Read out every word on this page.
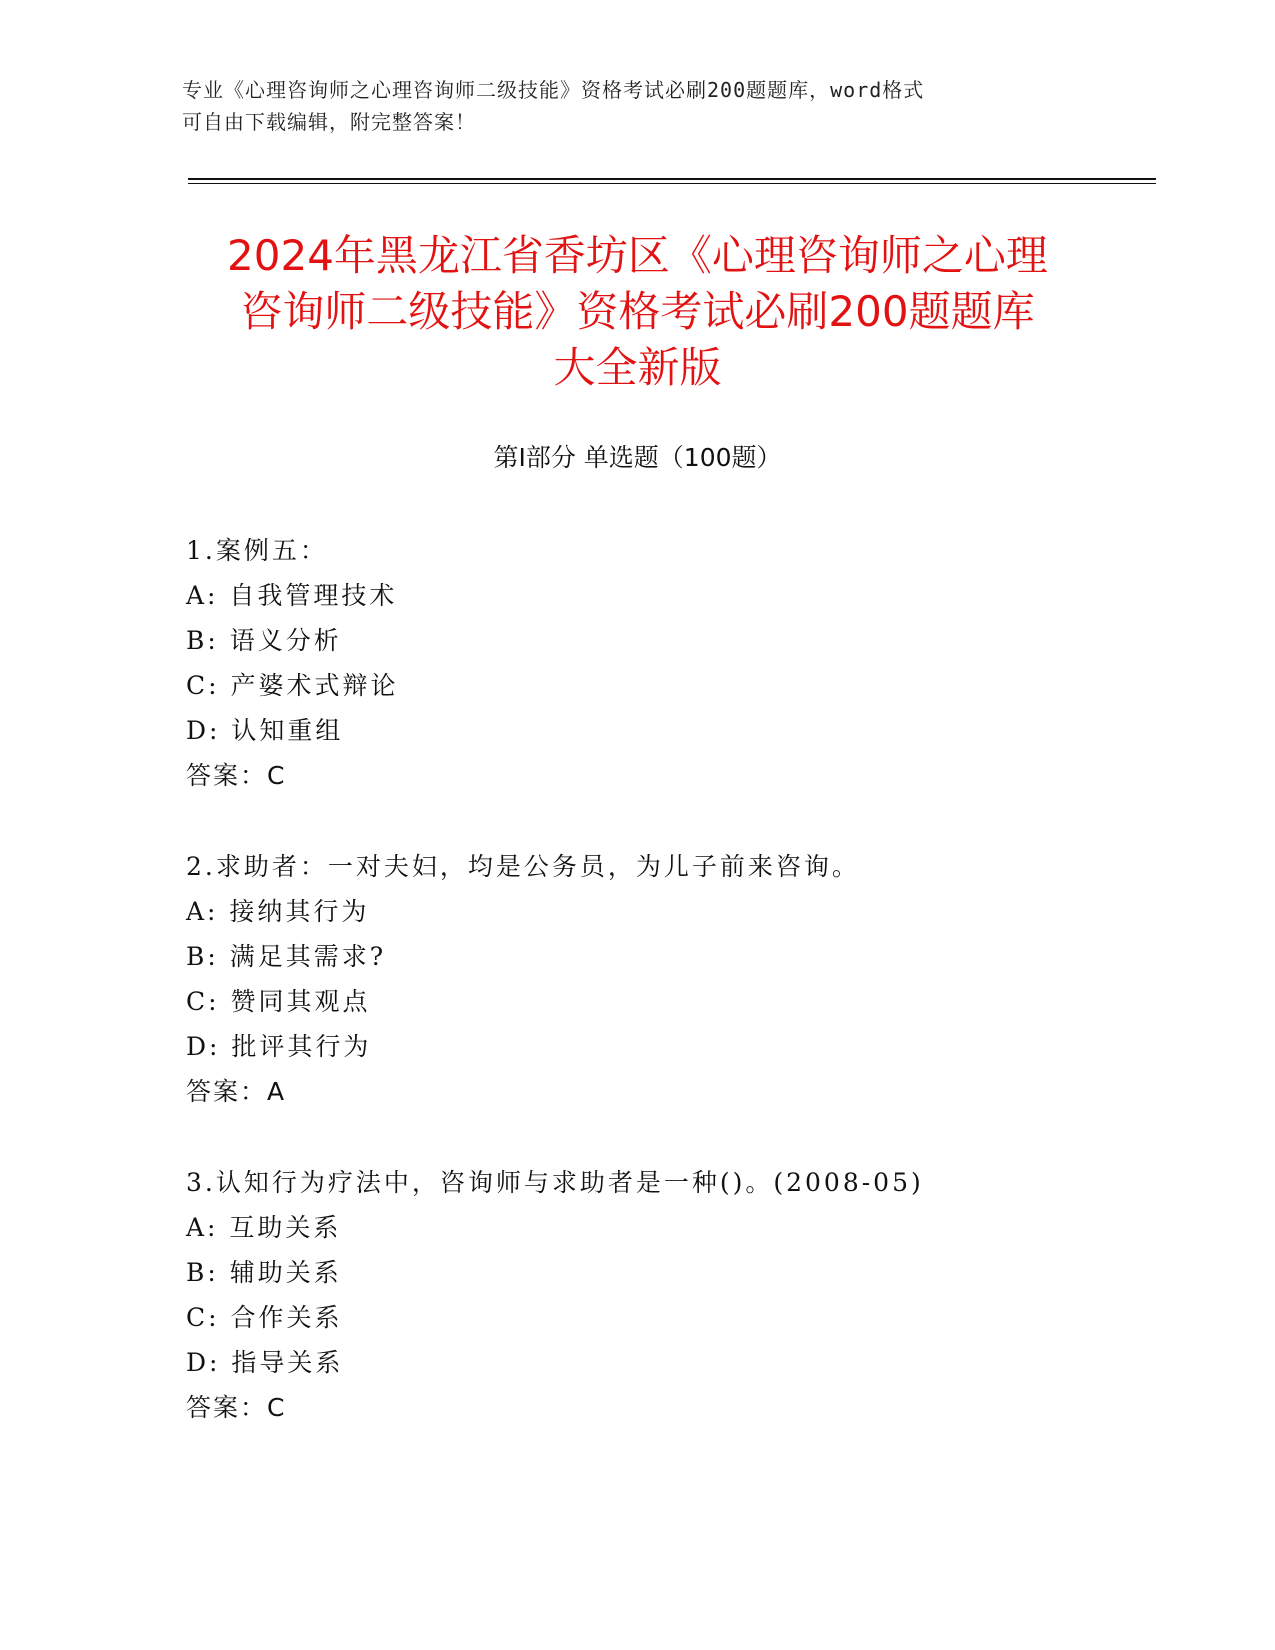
专业《心理咨询师之心理咨询师二级技能》资格考试必刷200题题库，word格式
可自由下载编辑，附完整答案！
2024年黑龙江省香坊区《心理咨询师之心理
咨询师二级技能》资格考试必刷200题题库
大全新版
第Ⅰ部分 单选题（100题）
1.案例五：
A: 自我管理技术
B: 语义分析
C: 产婆术式辩论
D: 认知重组
答案：C
2.求助者：一对夫妇，均是公务员，为儿子前来咨询。
A: 接纳其行为
B: 满足其需求?
C: 赞同其观点
D: 批评其行为
答案：A
3.认知行为疗法中，咨询师与求助者是一种()。(2008-05)
A: 互助关系
B: 辅助关系
C: 合作关系
D: 指导关系
答案：C
